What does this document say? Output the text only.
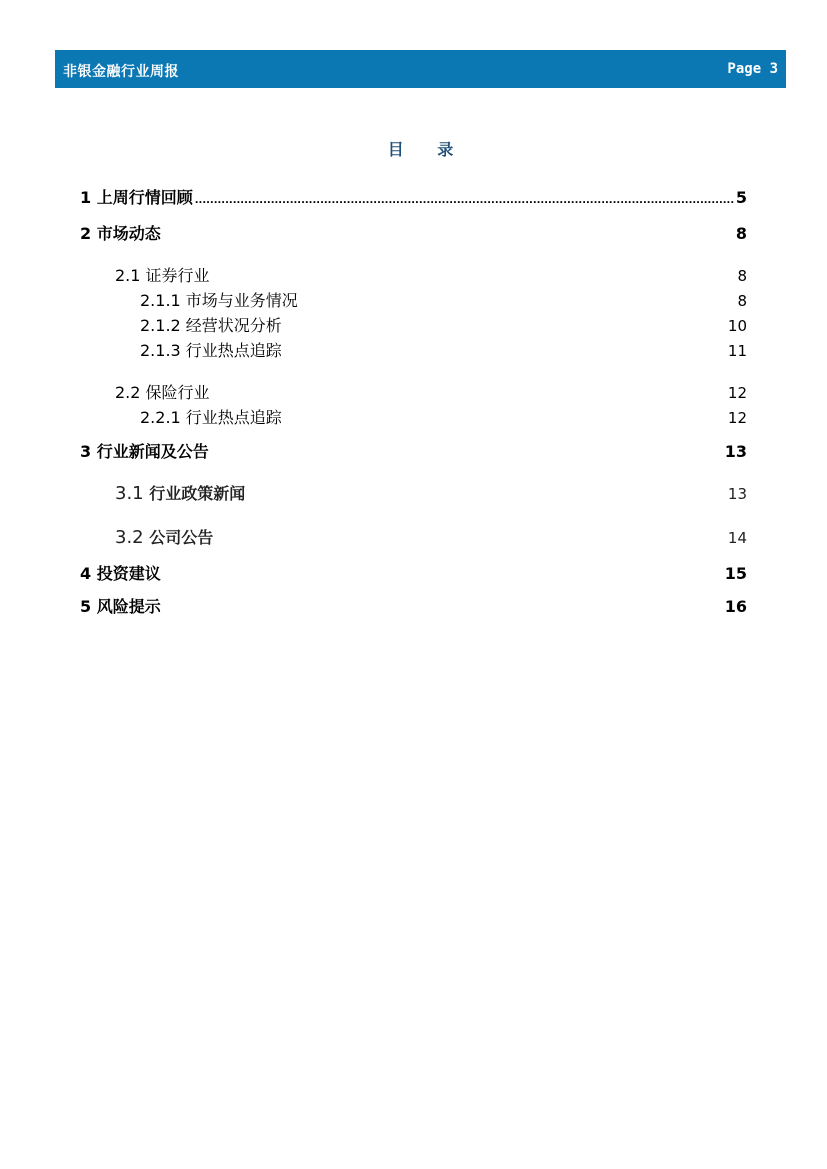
非银金融行业周报	Page 3
目 录
1 上周行情回顾 .....	5
2 市场动态	8
2.1 证券行业	8
2.1.1 市场与业务情况	8
2.1.2 经营状况分析	10
2.1.3 行业热点追踪	11
2.2 保险行业	12
2.2.1 行业热点追踪	12
3 行业新闻及公告	13
3.1 行业政策新闻	13
3.2 公司公告	14
4 投资建议	15
5 风险提示	16
